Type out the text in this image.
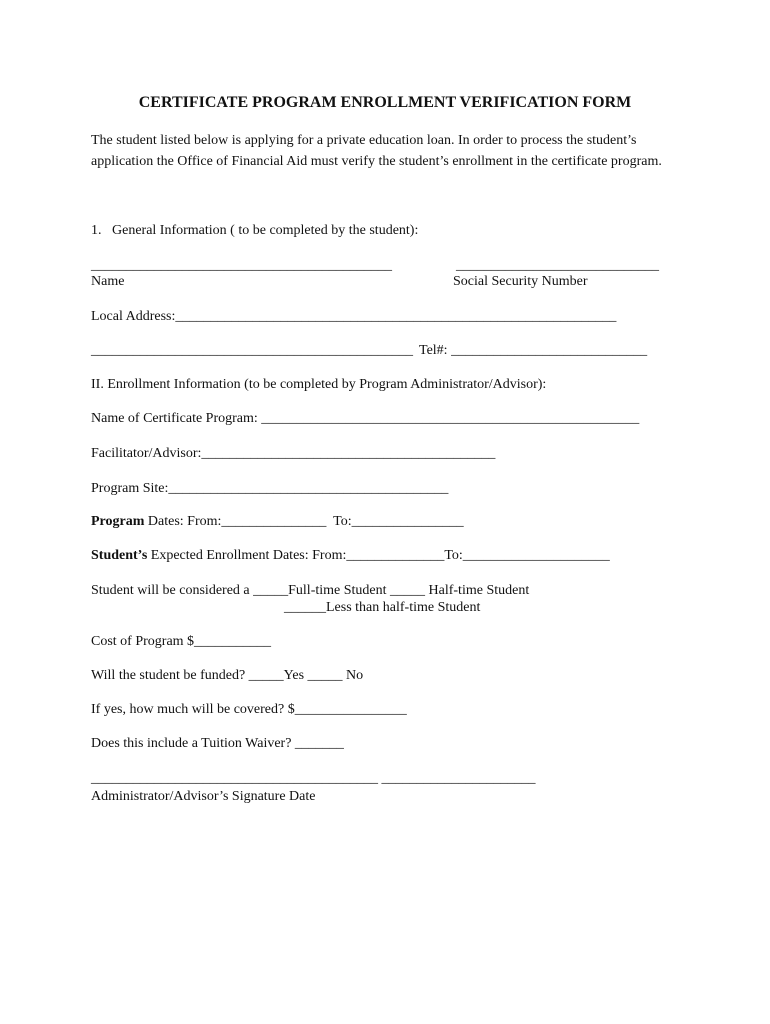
CERTIFICATE PROGRAM ENROLLMENT VERIFICATION FORM
The student listed below is applying for a private education loan. In order to process the student’s application the Office of Financial Aid must verify the student’s enrollment in the certificate program.
1.   General Information ( to be completed by the student):
___________________________________________	_____________________________
Name	Social Security Number
Local Address:_______________________________________________________________
______________________________________________ Tel#: ____________________________
II. Enrollment Information (to be completed by Program Administrator/Advisor):
Name of Certificate Program: ______________________________________________________
Facilitator/Advisor:__________________________________________
Program Site:________________________________________
Program Dates: From:_______________  To:________________
Student’s Expected Enrollment Dates: From:______________To:_____________________
Student will be considered a _____Full-time Student _____ Half-time Student
______Less than half-time Student
Cost of Program $___________
Will the student be funded? _____Yes _____ No
If yes, how much will be covered? $________________
Does this include a Tuition Waiver? _______
_________________________________________ ______________________
Administrator/Advisor’s Signature Date
